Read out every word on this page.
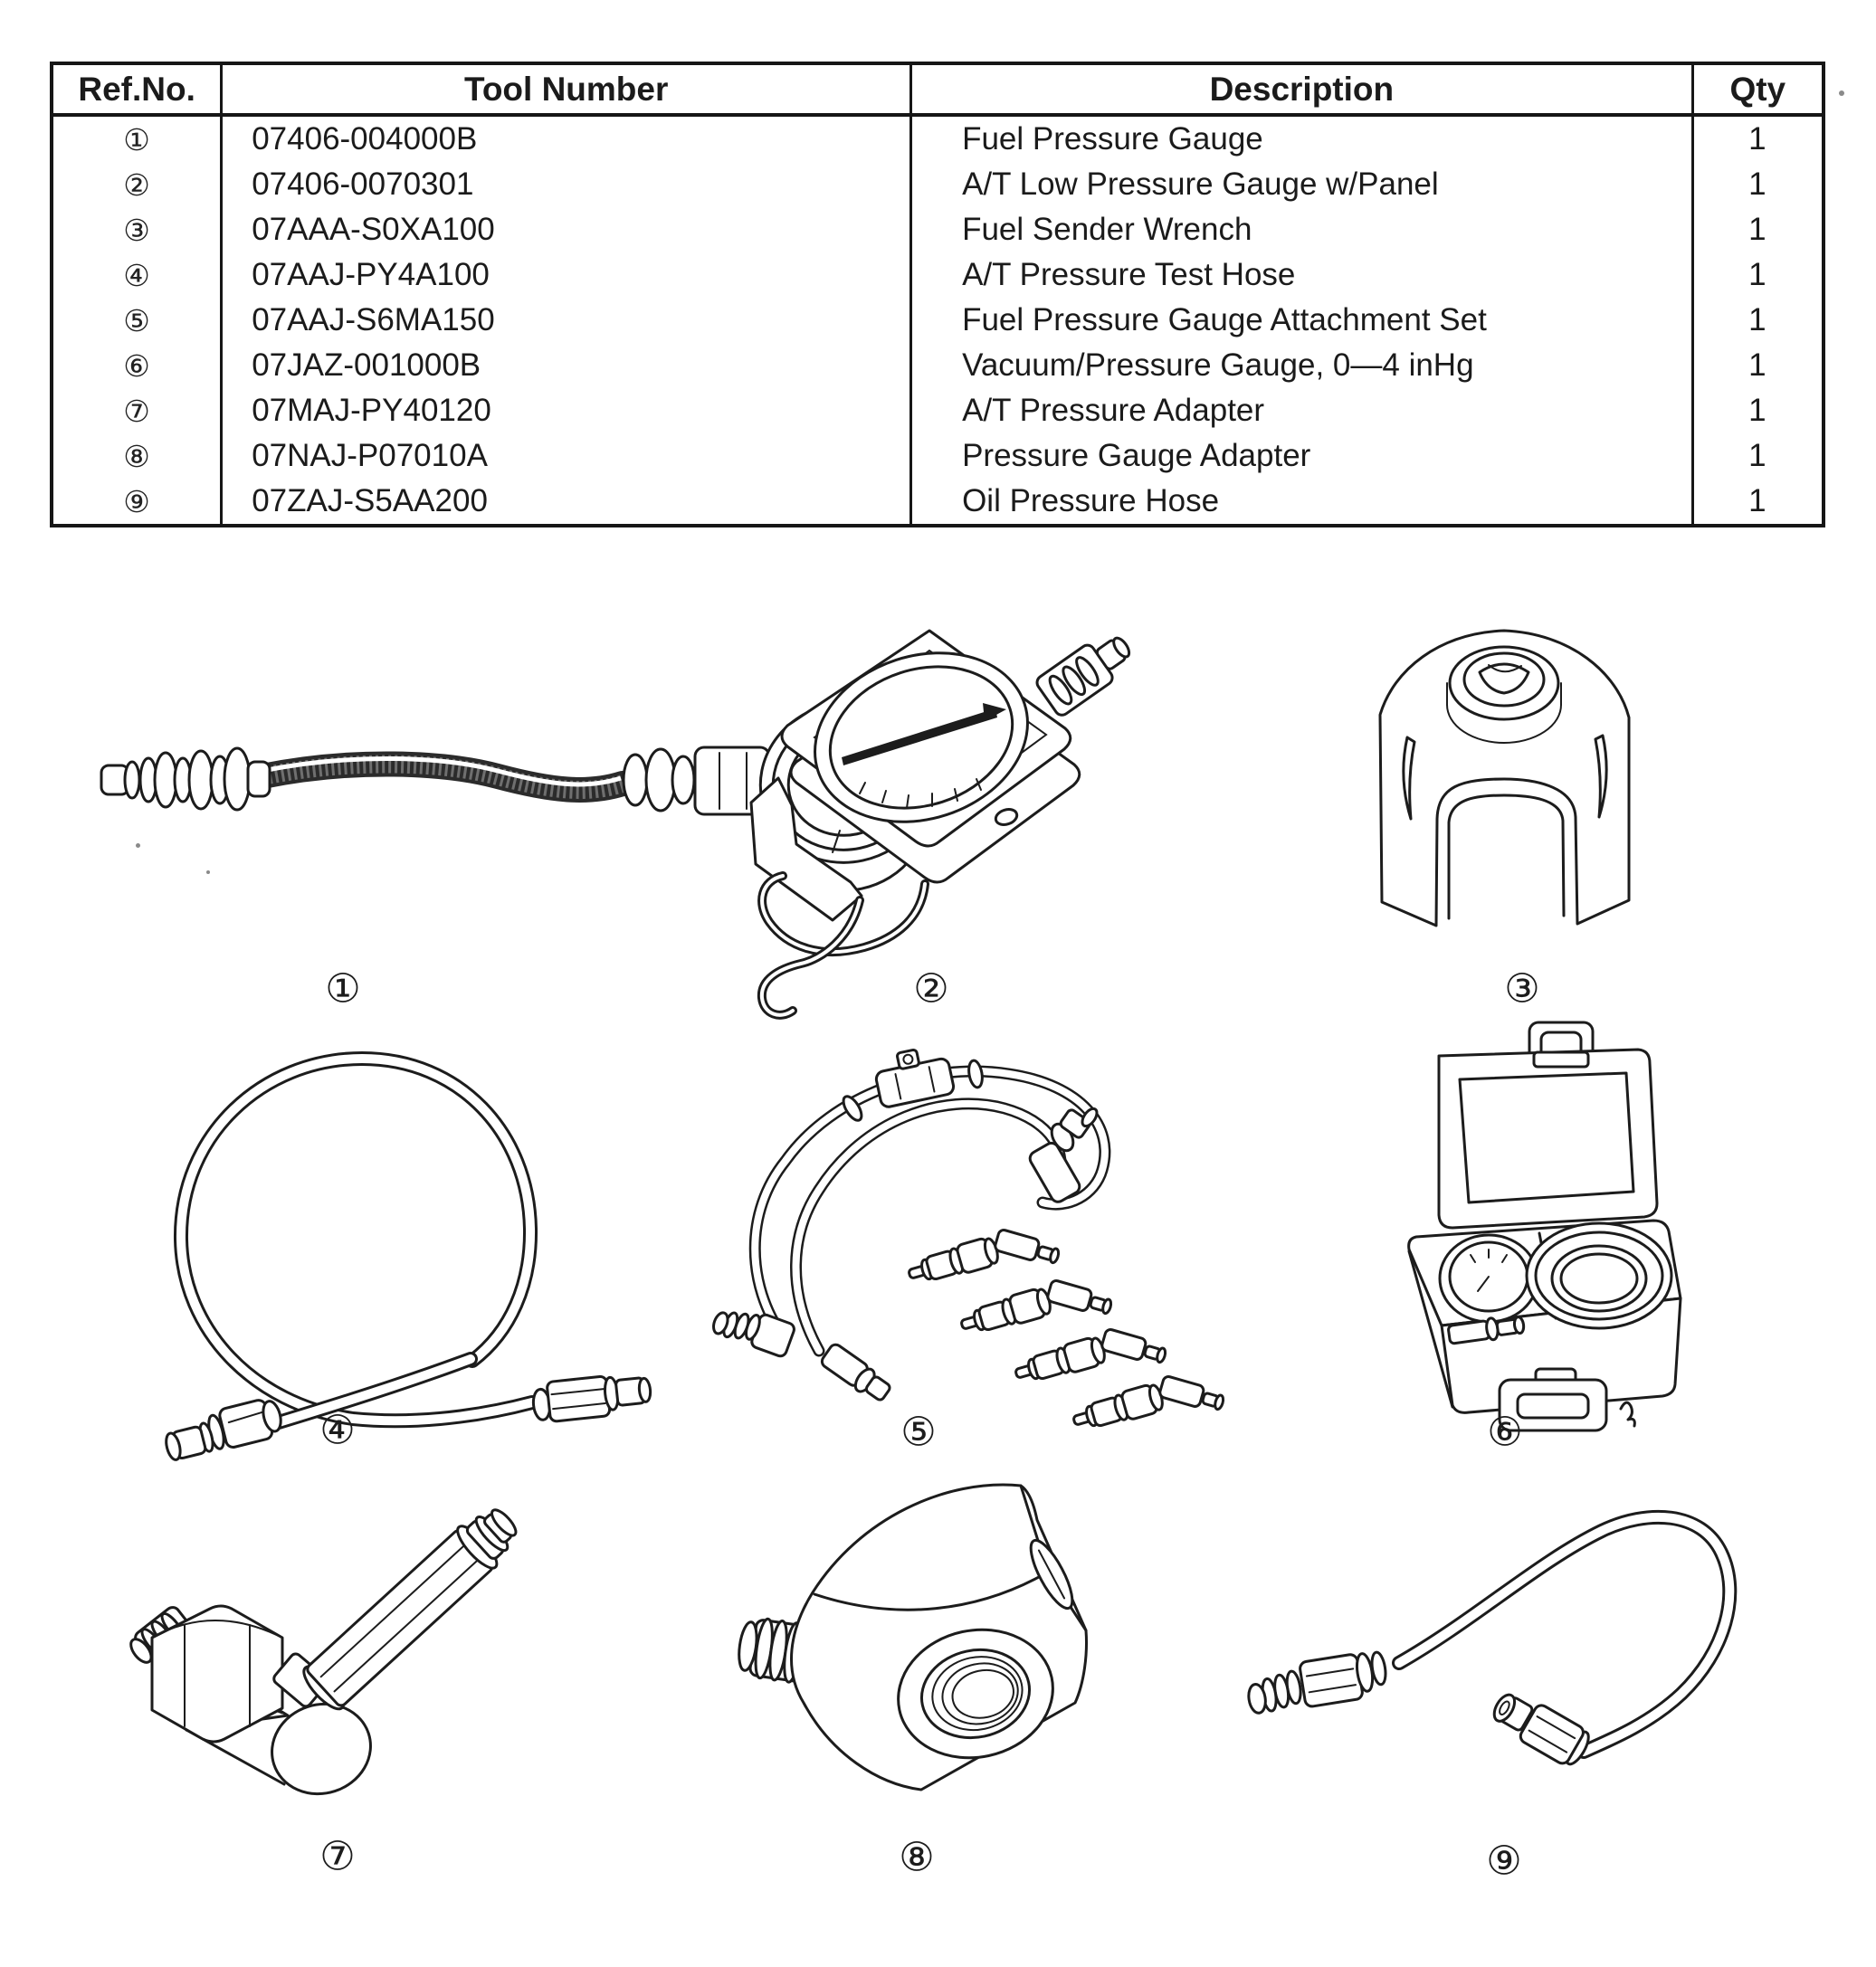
Ref.No.	Tool Number	Description	Qty
①	07406-004000B	Fuel Pressure Gauge	1
②	07406-0070301	A/T Low Pressure Gauge w/Panel	1
③	07AAA-S0XA100	Fuel Sender Wrench	1
④	07AAJ-PY4A100	A/T Pressure Test Hose	1
⑤	07AAJ-S6MA150	Fuel Pressure Gauge Attachment Set	1
⑥	07JAZ-001000B	Vacuum/Pressure Gauge, 0—4 inHg	1
⑦	07MAJ-PY40120	A/T Pressure Adapter	1
⑧	07NAJ-P07010A	Pressure Gauge Adapter	1
⑨	07ZAJ-S5AA200	Oil Pressure Hose	1
①	②	③
④	⑤	⑥
⑦	⑧	⑨
